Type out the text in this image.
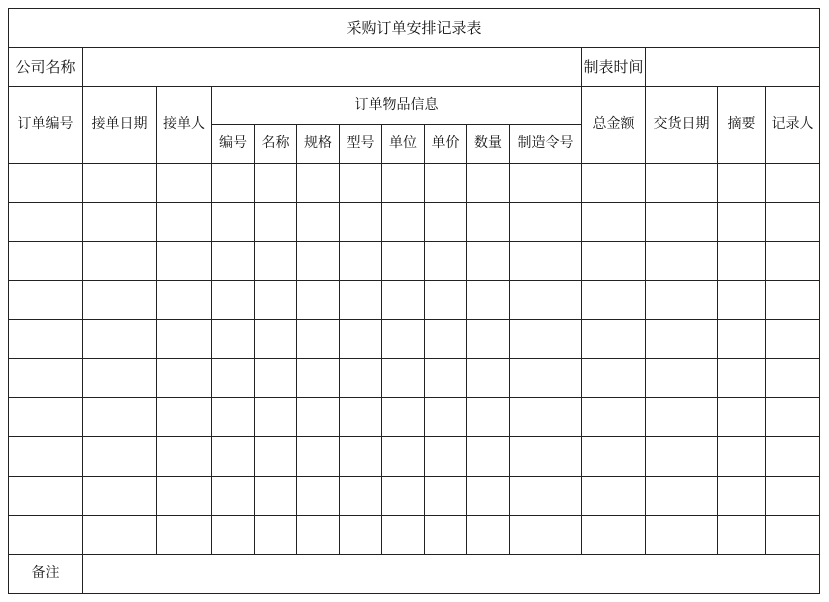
采购订单安排记录表														
公司名称											制表时间			
订单编号	接单日期	接单人	订单物品信息								总金额	交货日期	摘要	记录人
			编号	名称	规格	型号	单位	单价	数量	制造令号				

备注														
